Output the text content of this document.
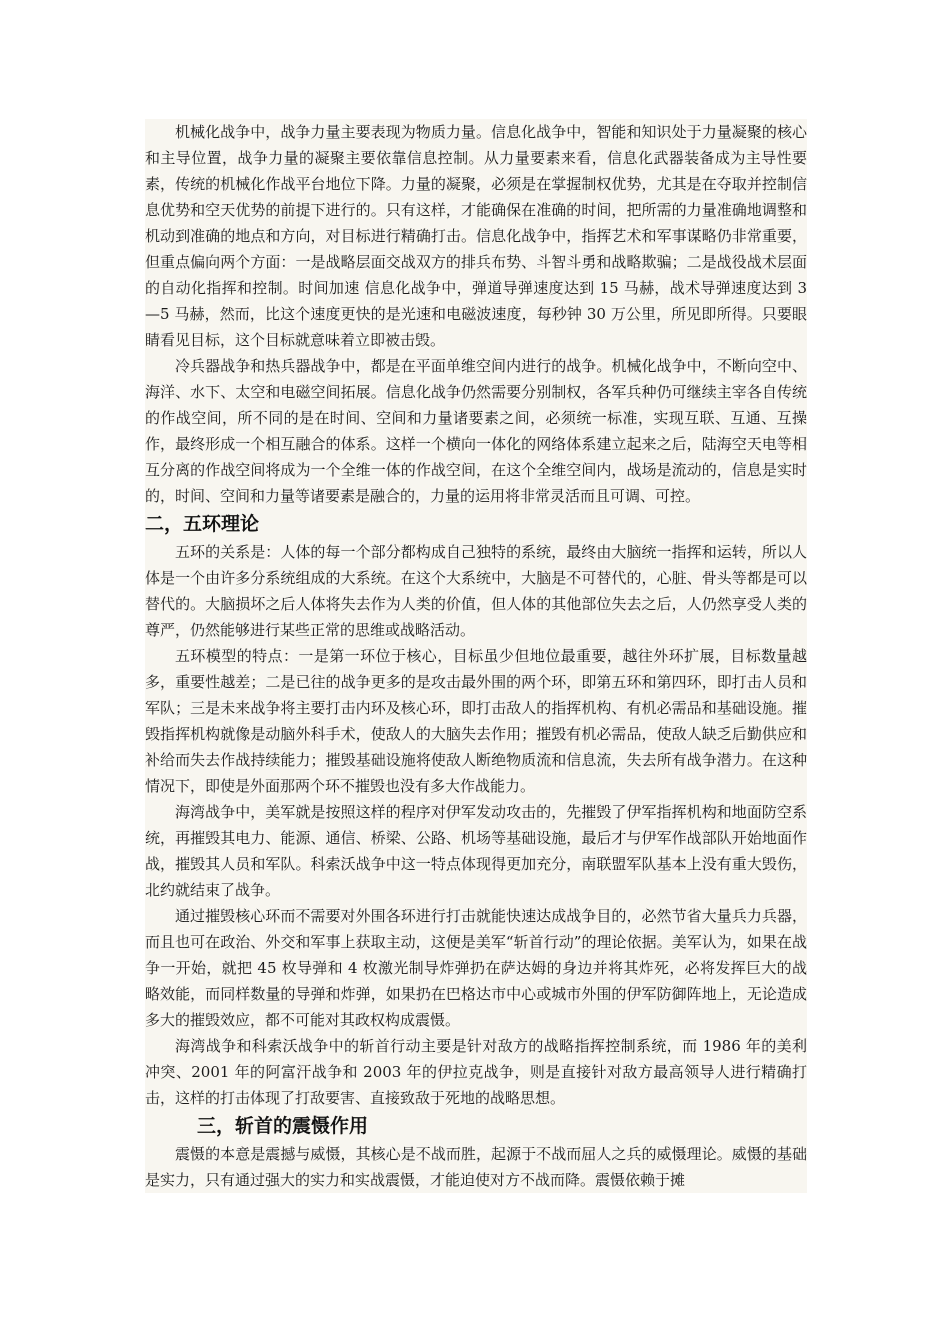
机械化战争中，战争力量主要表现为物质力量。信息化战争中，智能和知识处于力量凝聚的核心和主导位置，战争力量的凝聚主要依靠信息控制。从力量要素来看，信息化武器装备成为主导性要素，传统的机械化作战平台地位下降。力量的凝聚，必须是在掌握制权优势，尤其是在夺取并控制信息优势和空天优势的前提下进行的。只有这样，才能确保在准确的时间，把所需的力量准确地调整和机动到准确的地点和方向，对目标进行精确打击。信息化战争中，指挥艺术和军事谋略仍非常重要，但重点偏向两个方面：一是战略层面交战双方的排兵布势、斗智斗勇和战略欺骗；二是战役战术层面的自动化指挥和控制。时间加速 信息化战争中，弹道导弹速度达到 15 马赫，战术导弹速度达到 3—5 马赫，然而，比这个速度更快的是光速和电磁波速度，每秒钟 30 万公里，所见即所得。只要眼睛看见目标，这个目标就意味着立即被击毁。

冷兵器战争和热兵器战争中，都是在平面单维空间内进行的战争。机械化战争中，不断向空中、海洋、水下、太空和电磁空间拓展。信息化战争仍然需要分别制权，各军兵种仍可继续主宰各自传统的作战空间，所不同的是在时间、空间和力量诸要素之间，必须统一标准，实现互联、互通、互操作，最终形成一个相互融合的体系。这样一个横向一体化的网络体系建立起来之后，陆海空天电等相互分离的作战空间将成为一个全维一体的作战空间，在这个全维空间内，战场是流动的，信息是实时的，时间、空间和力量等诸要素是融合的，力量的运用将非常灵活而且可调、可控。

二，五环理论

五环的关系是：人体的每一个部分都构成自己独特的系统，最终由大脑统一指挥和运转，所以人体是一个由许多分系统组成的大系统。在这个大系统中，大脑是不可替代的，心脏、骨头等都是可以替代的。大脑损坏之后人体将失去作为人类的价值，但人体的其他部位失去之后，人仍然享受人类的尊严，仍然能够进行某些正常的思维或战略活动。

五环模型的特点：一是第一环位于核心，目标虽少但地位最重要，越往外环扩展，目标数量越多，重要性越差；二是已往的战争更多的是攻击最外围的两个环，即第五环和第四环，即打击人员和军队；三是未来战争将主要打击内环及核心环，即打击敌人的指挥机构、有机必需品和基础设施。摧毁指挥机构就像是动脑外科手术，使敌人的大脑失去作用；摧毁有机必需品，使敌人缺乏后勤供应和补给而失去作战持续能力；摧毁基础设施将使敌人断绝物质流和信息流，失去所有战争潜力。在这种情况下，即使是外面那两个环不摧毁也没有多大作战能力。

海湾战争中，美军就是按照这样的程序对伊军发动攻击的，先摧毁了伊军指挥机构和地面防空系统，再摧毁其电力、能源、通信、桥梁、公路、机场等基础设施，最后才与伊军作战部队开始地面作战，摧毁其人员和军队。科索沃战争中这一特点体现得更加充分，南联盟军队基本上没有重大毁伤，北约就结束了战争。

通过摧毁核心环而不需要对外围各环进行打击就能快速达成战争目的，必然节省大量兵力兵器，而且也可在政治、外交和军事上获取主动，这便是美军“斩首行动”的理论依据。美军认为，如果在战争一开始，就把 45 枚导弹和 4 枚激光制导炸弹扔在萨达姆的身边并将其炸死，必将发挥巨大的战略效能，而同样数量的导弹和炸弹，如果扔在巴格达市中心或城市外围的伊军防御阵地上，无论造成多大的摧毁效应，都不可能对其政权构成震慑。

海湾战争和科索沃战争中的斩首行动主要是针对敌方的战略指挥控制系统，而 1986 年的美利冲突、2001 年的阿富汗战争和 2003 年的伊拉克战争，则是直接针对敌方最高领导人进行精确打击，这样的打击体现了打敌要害、直接致敌于死地的战略思想。

三，斩首的震慑作用

震慑的本意是震撼与威慑，其核心是不战而胜，起源于不战而屈人之兵的威慑理论。威慑的基础是实力，只有通过强大的实力和实战震慑，才能迫使对方不战而降。震慑依赖于摊
